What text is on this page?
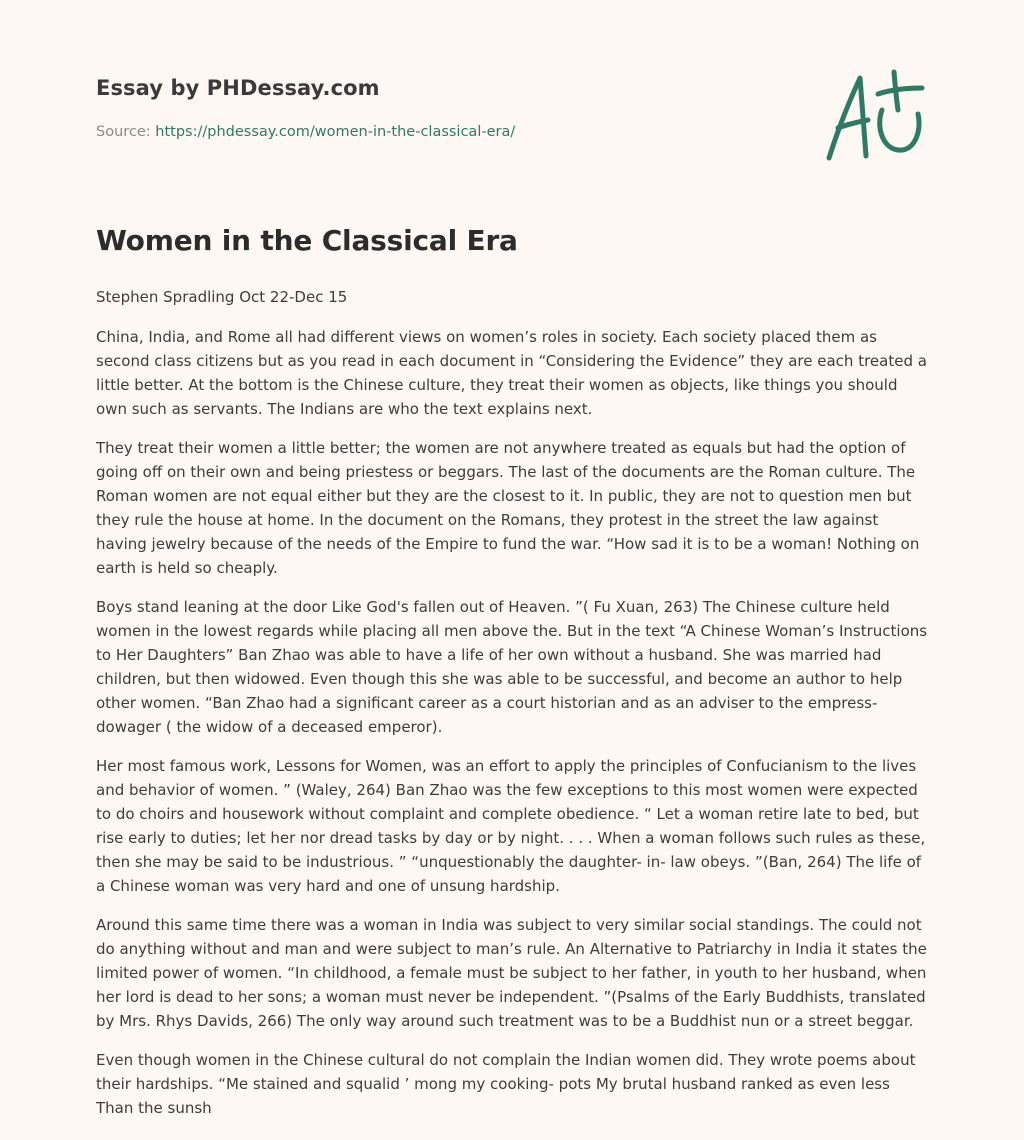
Essay by PHDessay.com
Source: https://phdessay.com/women-in-the-classical-era/
Women in the Classical Era

Stephen Spradling Oct 22-Dec 15

China, India, and Rome all had different views on women’s roles in society. Each society placed them as second class citizens but as you read in each document in “Considering the Evidence” they are each treated a little better. At the bottom is the Chinese culture, they treat their women as objects, like things you should own such as servants. The Indians are who the text explains next.

They treat their women a little better; the women are not anywhere treated as equals but had the option of going off on their own and being priestess or beggars. The last of the documents are the Roman culture. The Roman women are not equal either but they are the closest to it. In public, they are not to question men but they rule the house at home. In the document on the Romans, they protest in the street the law against having jewelry because of the needs of the Empire to fund the war. “How sad it is to be a woman! Nothing on earth is held so cheaply.

Boys stand leaning at the door Like God's fallen out of Heaven. ”( Fu Xuan, 263) The Chinese culture held women in the lowest regards while placing all men above the. But in the text “A Chinese Woman’s Instructions to Her Daughters” Ban Zhao was able to have a life of her own without a husband. She was married had children, but then widowed. Even though this she was able to be successful, and become an author to help other women. “Ban Zhao had a significant career as a court historian and as an adviser to the empress- dowager ( the widow of a deceased emperor).

Her most famous work, Lessons for Women, was an effort to apply the principles of Confucianism to the lives and behavior of women. ” (Waley, 264) Ban Zhao was the few exceptions to this most women were expected to do choirs and housework without complaint and complete obedience. “ Let a woman retire late to bed, but rise early to duties; let her nor dread tasks by day or by night. . . . When a woman follows such rules as these, then she may be said to be industrious. ” “unquestionably the daughter- in- law obeys. ”(Ban, 264) The life of a Chinese woman was very hard and one of unsung hardship.

Around this same time there was a woman in India was subject to very similar social standings. The could not do anything without and man and were subject to man’s rule. An Alternative to Patriarchy in India it states the limited power of women. “In childhood, a female must be subject to her father, in youth to her husband, when her lord is dead to her sons; a woman must never be independent. ”(Psalms of the Early Buddhists, translated by Mrs. Rhys Davids, 266) The only way around such treatment was to be a Buddhist nun or a street beggar.

Even though women in the Chinese cultural do not complain the Indian women did. They wrote poems about their hardships. “Me stained and squalid ’ mong my cooking- pots My brutal husband ranked as even less Than the sunsh
